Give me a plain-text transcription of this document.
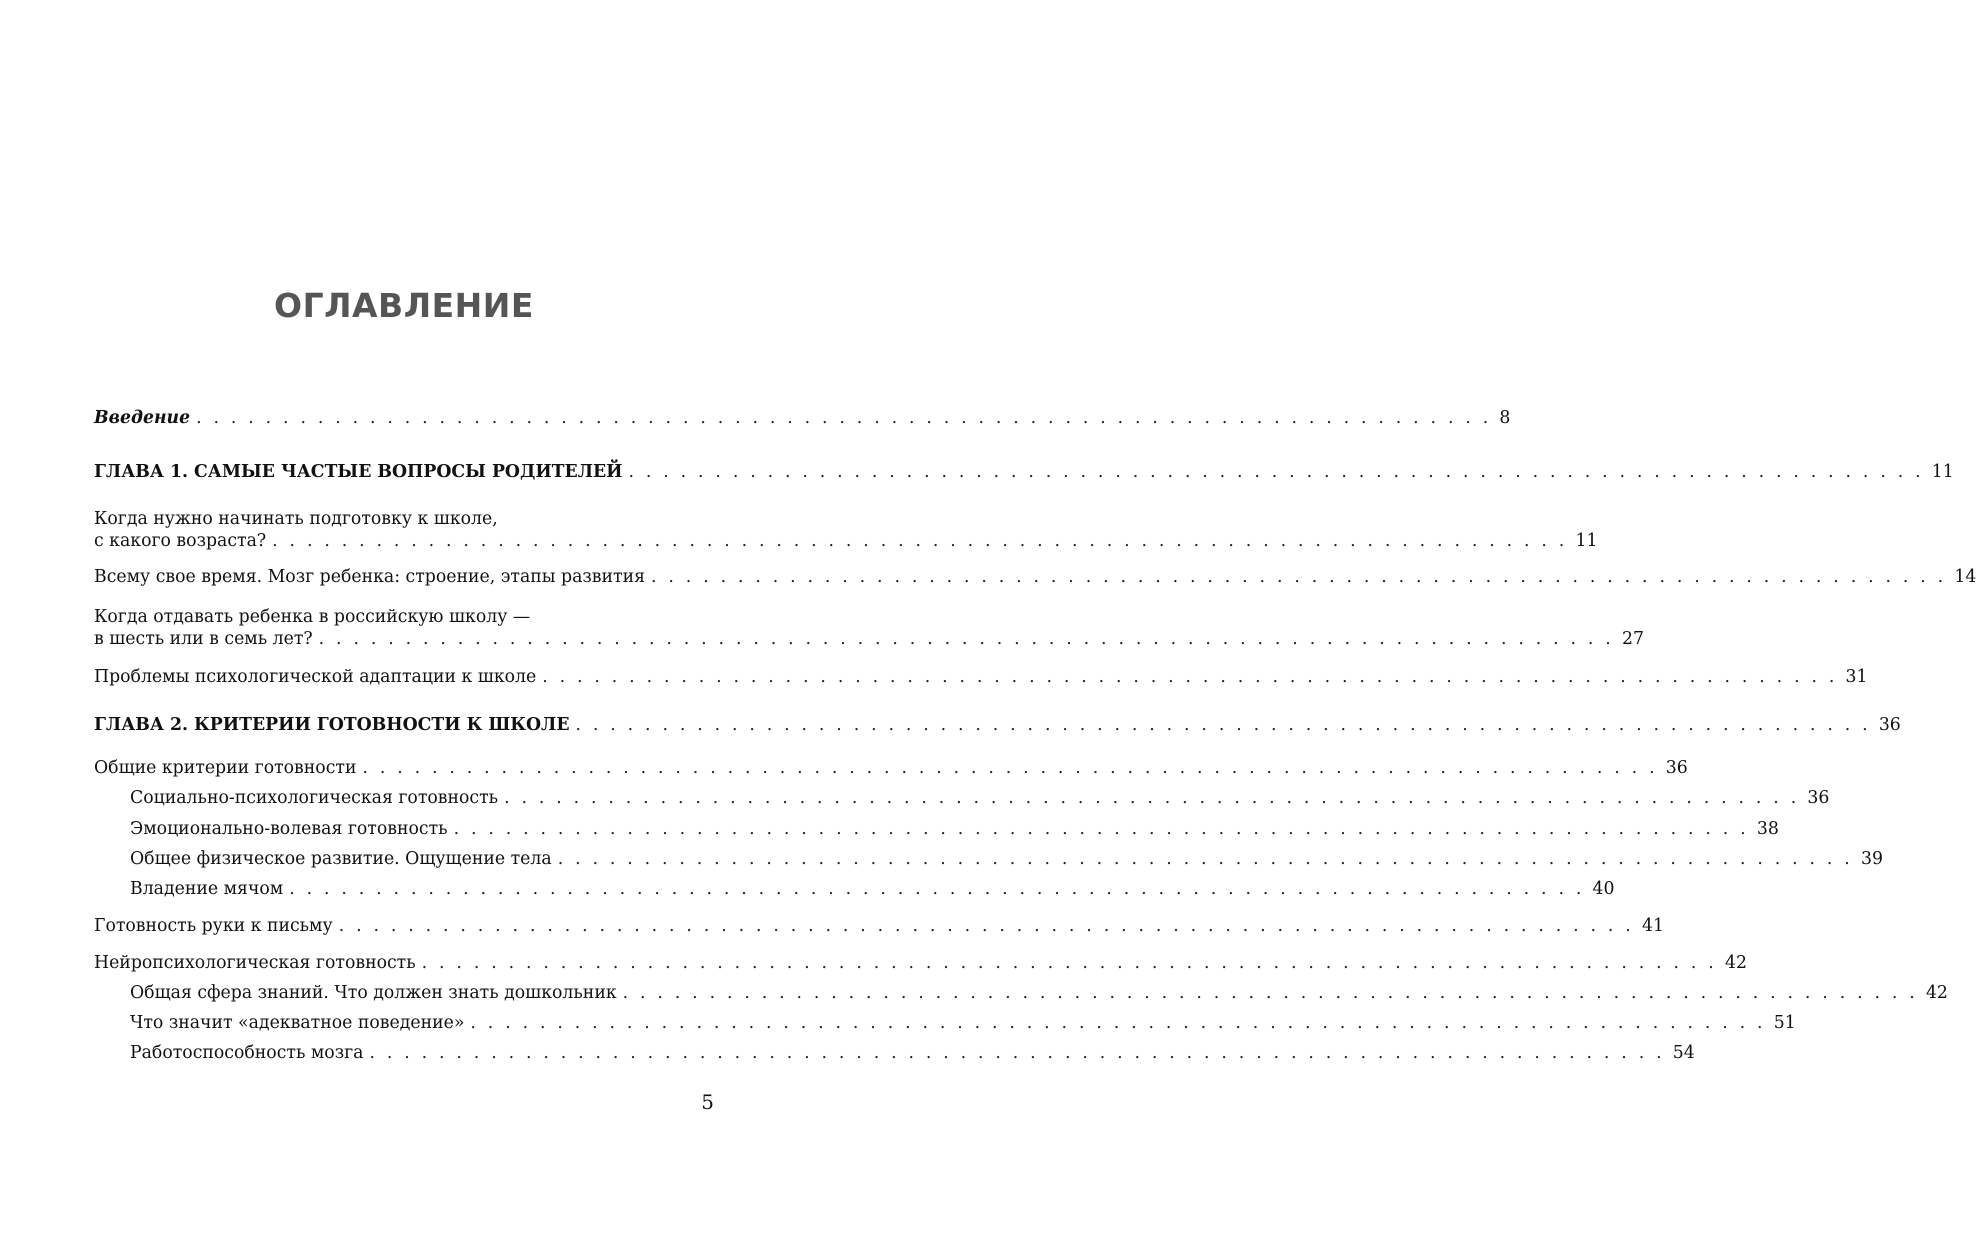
ОГЛАВЛЕНИЕ
Введение . . . . . . . . . . . . . . . . . . . . . . . . . . . . . . . . . . . . . . . . . . . . . . . . . . . . . . . . . . . . . . . . . . . . . . . . . . . 8
ГЛАВА 1. САМЫЕ ЧАСТЫЕ ВОПРОСЫ РОДИТЕЛЕЙ . . . . . . . . . . . . . . . . . . . . . . . . . . . . . . . . . . . . . . . . . . . . . . . . . . . . . . . . . . . . . . . . . . . . . . . . . . . 11
Когда нужно начинать подготовку к школе,
с какого возраста? . . . . . . . . . . . . . . . . . . . . . . . . . . . . . . . . . . . . . . . . . . . . . . . . . . . . . . . . . . . . . . . . . . . . . . . . . . . 11
Всему свое время. Мозг ребенка: строение, этапы развития . . . . . . . . . . . . . . . . . . . . . . . . . . . . . . . . . . . . . . . . . . . . . . . . . . . . . . . . . . . . . . . . . . . . . . . . . . . 14
Когда отдавать ребенка в российскую школу —
в шесть или в семь лет? . . . . . . . . . . . . . . . . . . . . . . . . . . . . . . . . . . . . . . . . . . . . . . . . . . . . . . . . . . . . . . . . . . . . . . . . . . . 27
Проблемы психологической адаптации к школе . . . . . . . . . . . . . . . . . . . . . . . . . . . . . . . . . . . . . . . . . . . . . . . . . . . . . . . . . . . . . . . . . . . . . . . . . . . 31
ГЛАВА 2. КРИТЕРИИ ГОТОВНОСТИ К ШКОЛЕ . . . . . . . . . . . . . . . . . . . . . . . . . . . . . . . . . . . . . . . . . . . . . . . . . . . . . . . . . . . . . . . . . . . . . . . . . . . 36
Общие критерии готовности . . . . . . . . . . . . . . . . . . . . . . . . . . . . . . . . . . . . . . . . . . . . . . . . . . . . . . . . . . . . . . . . . . . . . . . . . . . 36
Социально-психологическая готовность . . . . . . . . . . . . . . . . . . . . . . . . . . . . . . . . . . . . . . . . . . . . . . . . . . . . . . . . . . . . . . . . . . . . . . . . . . . 36
Эмоционально-волевая готовность . . . . . . . . . . . . . . . . . . . . . . . . . . . . . . . . . . . . . . . . . . . . . . . . . . . . . . . . . . . . . . . . . . . . . . . . . . . 38
Общее физическое развитие. Ощущение тела . . . . . . . . . . . . . . . . . . . . . . . . . . . . . . . . . . . . . . . . . . . . . . . . . . . . . . . . . . . . . . . . . . . . . . . . . . . 39
Владение мячом . . . . . . . . . . . . . . . . . . . . . . . . . . . . . . . . . . . . . . . . . . . . . . . . . . . . . . . . . . . . . . . . . . . . . . . . . . . 40
Готовность руки к письму . . . . . . . . . . . . . . . . . . . . . . . . . . . . . . . . . . . . . . . . . . . . . . . . . . . . . . . . . . . . . . . . . . . . . . . . . . . 41
Нейропсихологическая готовность . . . . . . . . . . . . . . . . . . . . . . . . . . . . . . . . . . . . . . . . . . . . . . . . . . . . . . . . . . . . . . . . . . . . . . . . . . . 42
Общая сфера знаний. Что должен знать дошкольник . . . . . . . . . . . . . . . . . . . . . . . . . . . . . . . . . . . . . . . . . . . . . . . . . . . . . . . . . . . . . . . . . . . . . . . . . . . 42
Что значит «адекватное поведение» . . . . . . . . . . . . . . . . . . . . . . . . . . . . . . . . . . . . . . . . . . . . . . . . . . . . . . . . . . . . . . . . . . . . . . . . . . . 51
Работоспособность мозга . . . . . . . . . . . . . . . . . . . . . . . . . . . . . . . . . . . . . . . . . . . . . . . . . . . . . . . . . . . . . . . . . . . . . . . . . . . 54
5
